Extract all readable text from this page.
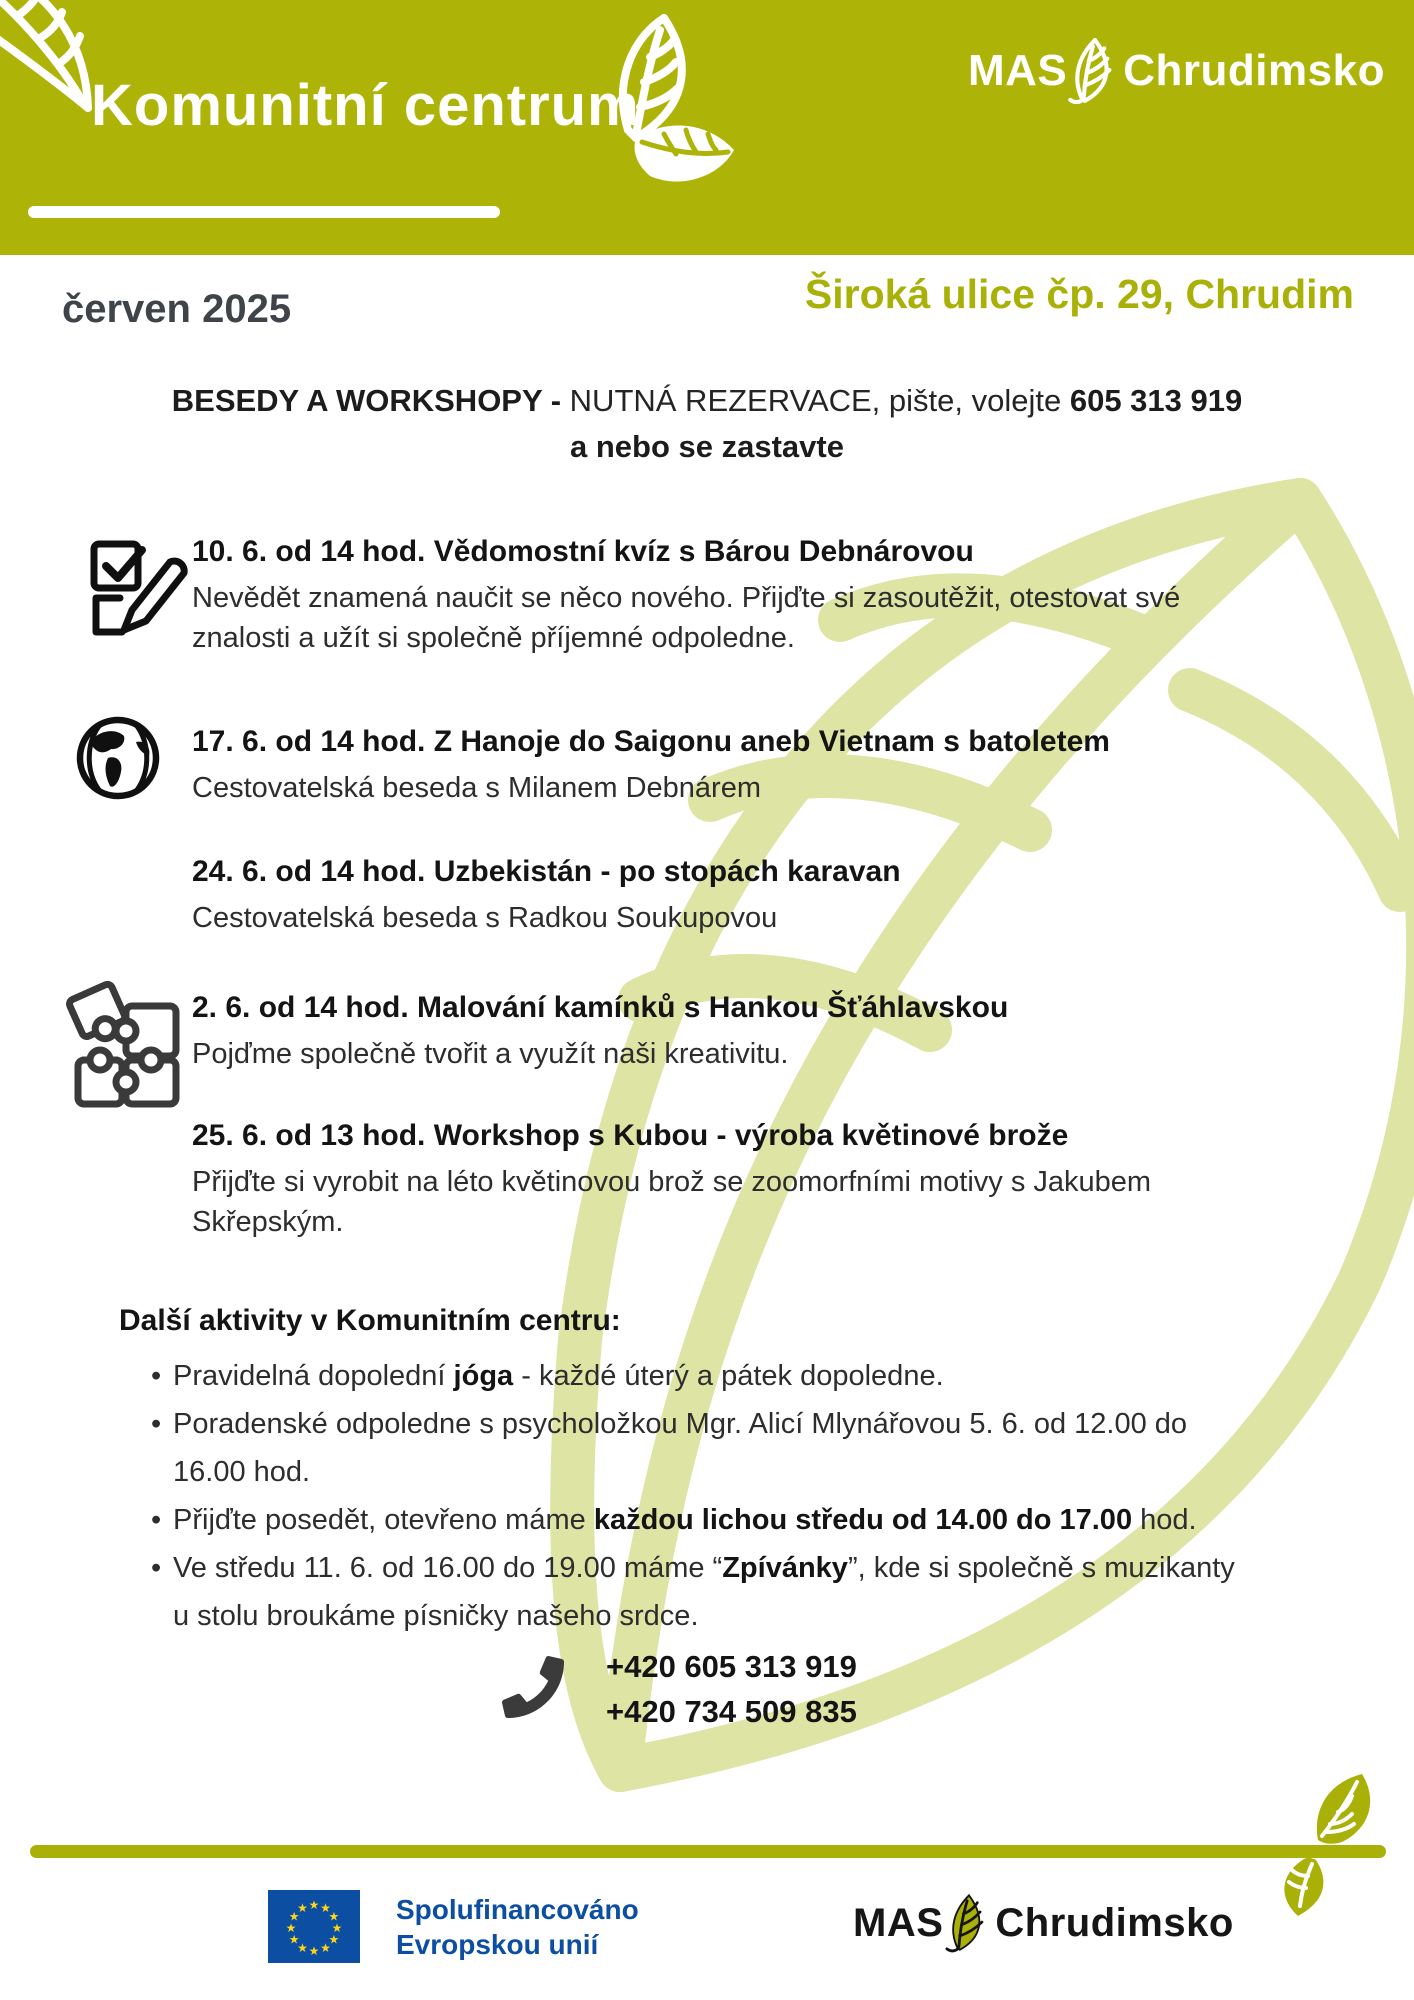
Komunitní centrum
MAS Chrudimsko
červen 2025	Široká ulice čp. 29, Chrudim
BESEDY A WORKSHOPY - NUTNÁ REZERVACE, pište, volejte 605 313 919
a nebo se zastavte
10. 6. od 14 hod. Vědomostní kvíz s Bárou Debnárovou
Nevědět znamená naučit se něco nového. Přijďte si zasoutěžit, otestovat své znalosti a užít si společně příjemné odpoledne.
17. 6. od 14 hod. Z Hanoje do Saigonu aneb Vietnam s batoletem
Cestovatelská beseda s Milanem Debnárem
24. 6. od 14 hod. Uzbekistán - po stopách karavan
Cestovatelská beseda s Radkou Soukupovou
2. 6. od 14 hod. Malování kamínků s Hankou Šťáhlavskou
Pojďme společně tvořit a využít naši kreativitu.
25. 6. od 13 hod. Workshop s Kubou - výroba květinové brože
Přijďte si vyrobit na léto květinovou brož se zoomorfními motivy s Jakubem Skřepským.
Další aktivity v Komunitním centru:
• Pravidelná dopolední jóga - každé úterý a pátek dopoledne.
• Poradenské odpoledne s psycholožkou Mgr. Alicí Mlynářovou 5. 6. od 12.00 do 16.00 hod.
• Přijďte posedět, otevřeno máme každou lichou středu od 14.00 do 17.00 hod.
• Ve středu 11. 6. od 16.00 do 19.00 máme “Zpívánky”, kde si společně s muzikanty u stolu broukáme písničky našeho srdce.
+420 605 313 919
+420 734 509 835
★ ★
★
★
★
★
★
★
★
★
★
★	Spolufinancováno
Evropskou unií	MAS Chrudimsko
